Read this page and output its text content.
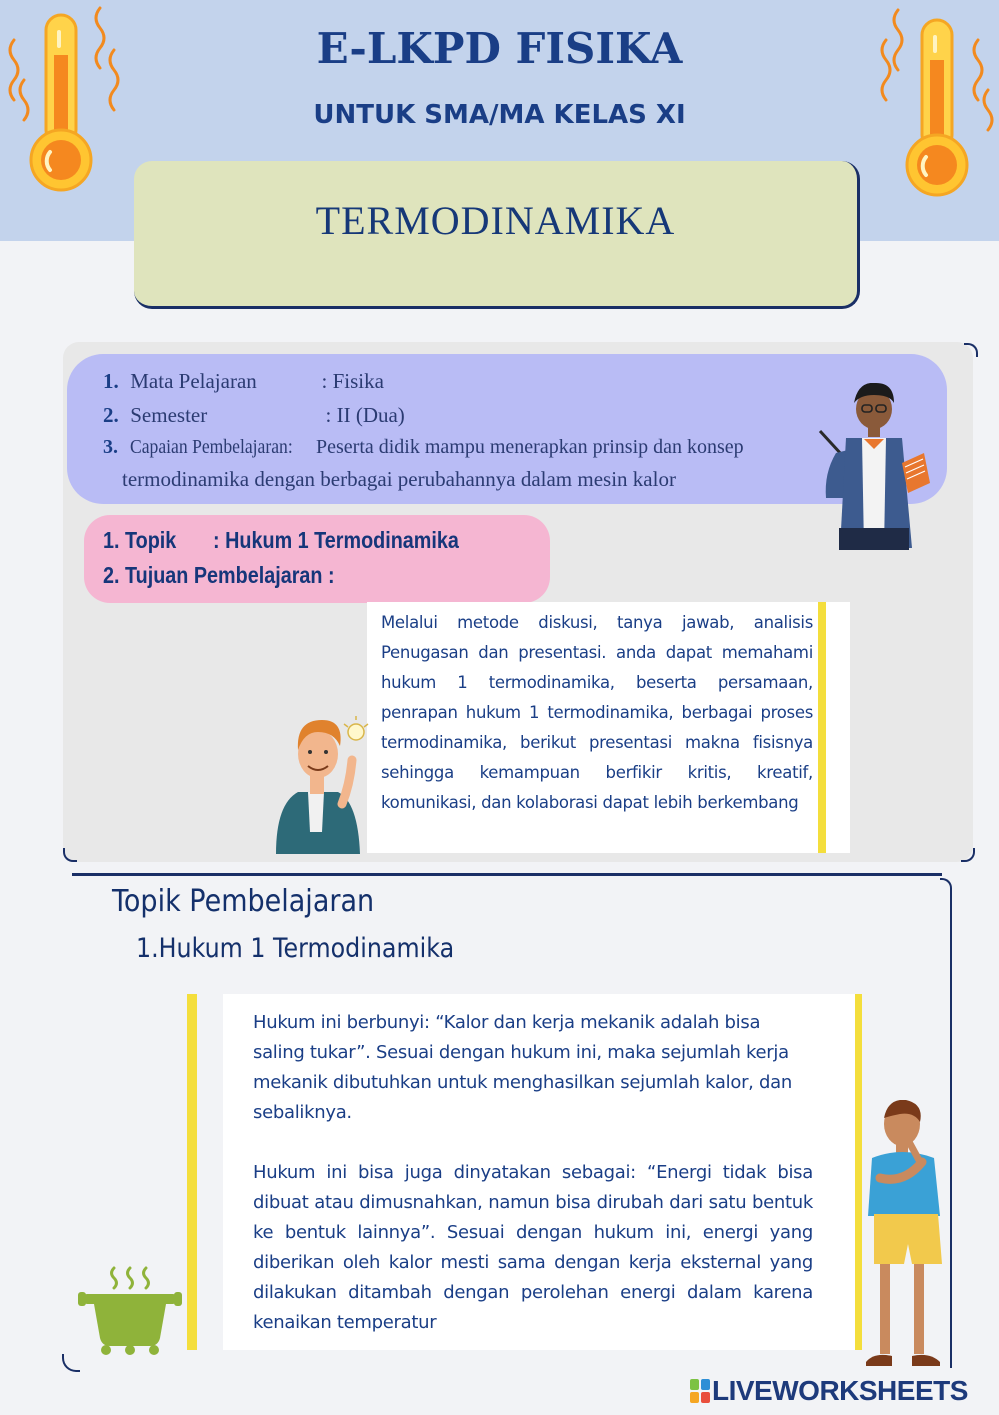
E-LKPD FISIKA
UNTUK SMA/MA KELAS XI
TERMODINAMIKA
1. Mata Pelajaran	: Fisika
2. Semester	: II (Dua)
3. Capaian Pembelajaran:	Peserta didik mampu menerapkan prinsip dan konsep
termodinamika dengan berbagai perubahannya dalam mesin kalor
1. Topik : Hukum 1 Termodinamika
2. Tujuan Pembelajaran :
Melalui metode diskusi, tanya jawab, analisis Penugasan dan presentasi. anda dapat memahami hukum 1 termodinamika, beserta persamaan, penrapan hukum 1 termodinamika, berbagai proses termodinamika, berikut presentasi makna fisisnya sehingga kemampuan berfikir kritis, kreatif, komunikasi, dan kolaborasi dapat lebih berkembang
Topik Pembelajaran
1.Hukum 1 Termodinamika
Hukum ini berbunyi: “Kalor dan kerja mekanik adalah bisa saling tukar”. Sesuai dengan hukum ini, maka sejumlah kerja mekanik dibutuhkan untuk menghasilkan sejumlah kalor, dan sebaliknya.
Hukum ini bisa juga dinyatakan sebagai: “Energi tidak bisa dibuat atau dimusnahkan, namun bisa dirubah dari satu bentuk ke bentuk lainnya”. Sesuai dengan hukum ini, energi yang diberikan oleh kalor mesti sama dengan kerja eksternal yang dilakukan ditambah dengan perolehan energi dalam karena kenaikan temperatur
LIVEWORKSHEETS
